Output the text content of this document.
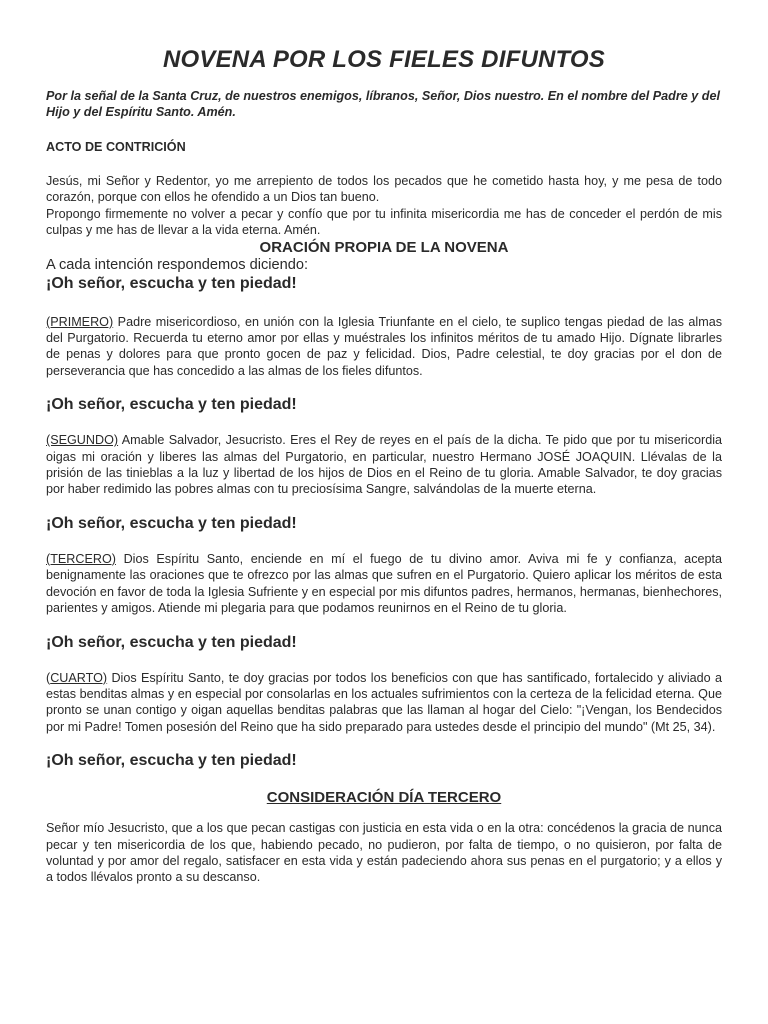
NOVENA POR LOS FIELES DIFUNTOS

Por la señal de la Santa Cruz, de nuestros enemigos, líbranos, Señor, Dios nuestro. En el nombre del Padre y del Hijo y del Espíritu Santo. Amén.

ACTO DE CONTRICIÓN

Jesús, mi Señor y Redentor, yo me arrepiento de todos los pecados que he cometido hasta hoy, y me pesa de todo corazón, porque con ellos he ofendido a un Dios tan bueno.

Propongo firmemente no volver a pecar y confío que por tu infinita misericordia me has de conceder el perdón de mis culpas y me has de llevar a la vida eterna. Amén.

ORACIÓN PROPIA DE LA NOVENA
A cada intención respondemos diciendo:
¡Oh señor, escucha y ten piedad!

(PRIMERO) Padre misericordioso, en unión con la Iglesia Triunfante en el cielo, te suplico tengas piedad de las almas del Purgatorio. Recuerda tu eterno amor por ellas y muéstrales los infinitos méritos de tu amado Hijo. Dígnate librarles de penas y dolores para que pronto gocen de paz y felicidad. Dios, Padre celestial, te doy gracias por el don de perseverancia que has concedido a las almas de los fieles difuntos.

¡Oh señor, escucha y ten piedad!

(SEGUNDO) Amable Salvador, Jesucristo. Eres el Rey de reyes en el país de la dicha. Te pido que por tu misericordia oigas mi oración y liberes las almas del Purgatorio, en particular, nuestro Hermano JOSÉ JOAQUIN. Llévalas de la prisión de las tinieblas a la luz y libertad de los hijos de Dios en el Reino de tu gloria. Amable Salvador, te doy gracias por haber redimido las pobres almas con tu preciosísima Sangre, salvándolas de la muerte eterna.

¡Oh señor, escucha y ten piedad!

(TERCERO) Dios Espíritu Santo, enciende en mí el fuego de tu divino amor. Aviva mi fe y confianza, acepta benignamente las oraciones que te ofrezco por las almas que sufren en el Purgatorio. Quiero aplicar los méritos de esta devoción en favor de toda la Iglesia Sufriente y en especial por mis difuntos padres, hermanos, hermanas, bienhechores, parientes y amigos. Atiende mi plegaria para que podamos reunirnos en el Reino de tu gloria.

¡Oh señor, escucha y ten piedad!

(CUARTO) Dios Espíritu Santo, te doy gracias por todos los beneficios con que has santificado, fortalecido y aliviado a estas benditas almas y en especial por consolarlas en los actuales sufrimientos con la certeza de la felicidad eterna. Que pronto se unan contigo y oigan aquellas benditas palabras que las llaman al hogar del Cielo: "¡Vengan, los Bendecidos por mi Padre! Tomen posesión del Reino que ha sido preparado para ustedes desde el principio del mundo" (Mt 25, 34).

¡Oh señor, escucha y ten piedad!
CONSIDERACIÓN DÍA TERCERO

Señor mío Jesucristo, que a los que pecan castigas con justicia en esta vida o en la otra: concédenos la gracia de nunca pecar y ten misericordia de los que, habiendo pecado, no pudieron, por falta de tiempo, o no quisieron, por falta de voluntad y por amor del regalo, satisfacer en esta vida y están padeciendo ahora sus penas en el purgatorio; y a ellos y a todos llévalos pronto a su descanso.
